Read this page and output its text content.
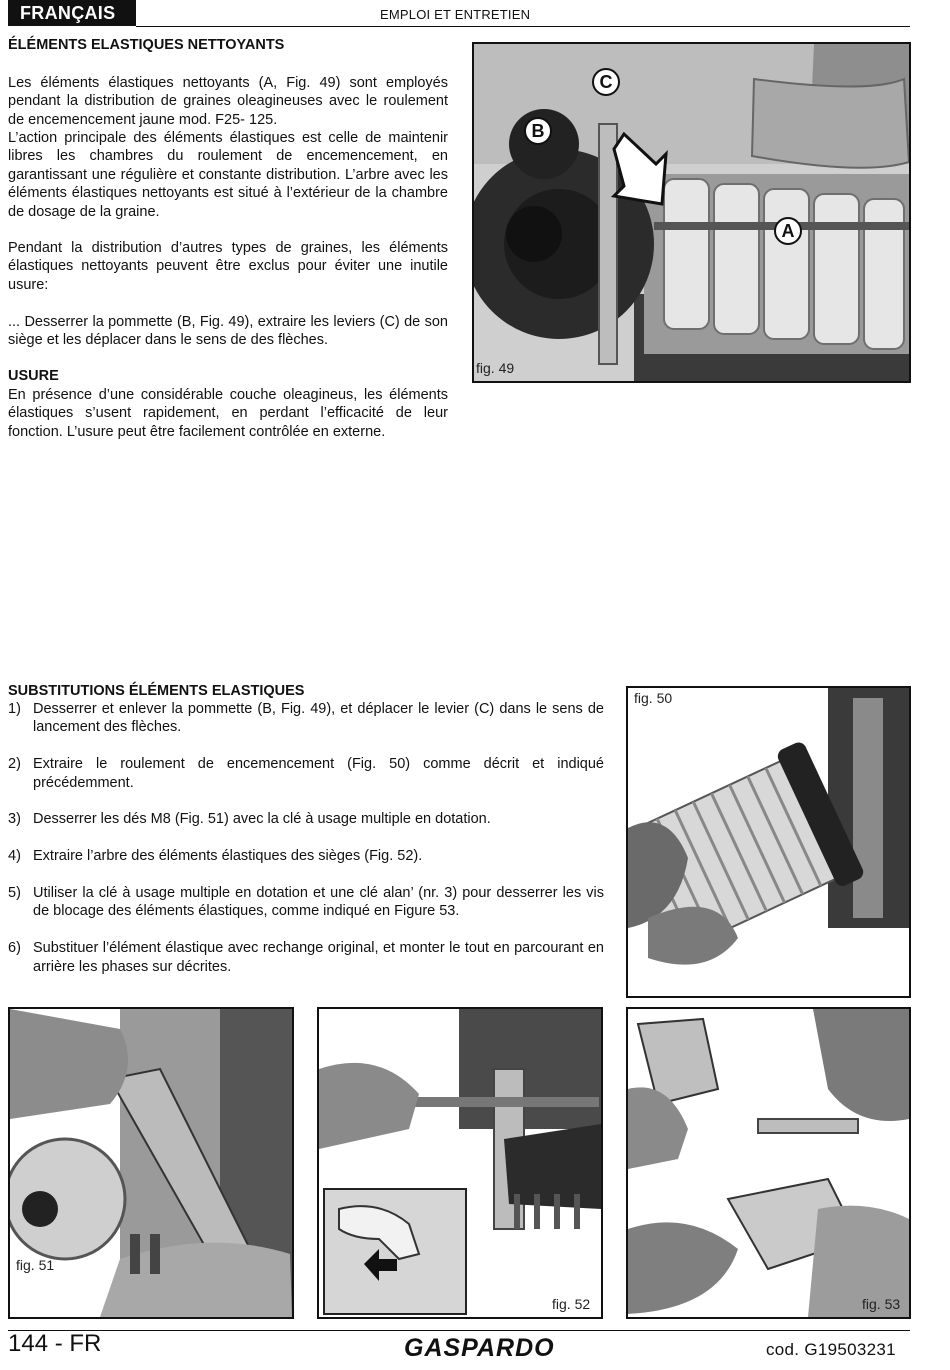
FRANÇAIS	EMPLOI ET ENTRETIEN
ÉLÉMENTS ELASTIQUES NETTOYANTS
Les éléments élastiques nettoyants (A, Fig. 49) sont employés pendant la distribution de graines oleagineuses avec le roulement de encemencement jaune mod. F25- 125.
L’action principale des éléments élastiques est celle de maintenir libres les chambres du roulement de encemencement, en garantissant une régulière et constante distribution. L’arbre avec les éléments élastiques nettoyants est situé à l’extérieur de la chambre de dosage de la graine.
Pendant la distribution d’autres types de graines, les éléments élastiques nettoyants peuvent être exclus pour éviter une inutile usure:
... Desserrer la pommette (B, Fig. 49), extraire les leviers (C) de son siège et les déplacer dans le sens de des flèches.
USURE
En présence d’une considérable couche oleagineus, les éléments élastiques s’usent rapidement, en perdant l’efficacité de leur fonction. L’usure peut être facilement contrôlée en externe.
B
C
A
fig. 49
SUBSTITUTIONS ÉLÉMENTS ELASTIQUES
1) Desserrer et enlever la pommette (B, Fig. 49), et déplacer le levier (C) dans le sens de lancement des flèches.
2) Extraire le roulement de encemencement (Fig. 50) comme décrit et indiqué précédemment.
3) Desserrer les dés M8 (Fig. 51) avec la clé à usage multiple en dotation.
4) Extraire l’arbre des éléments élastiques des sièges (Fig. 52).
5) Utiliser la clé à usage multiple en dotation et une clé alan’ (nr. 3) pour desserrer les vis de blocage des éléments élastiques, comme indiqué en Figure 53.
6) Substituer l’élément élastique avec rechange original, et monter le tout en parcourant en arrière les phases sur décrites.
fig. 50
fig. 51
fig. 52	fig. 53
144 - FR	GASPARDO	cod. G19503231
